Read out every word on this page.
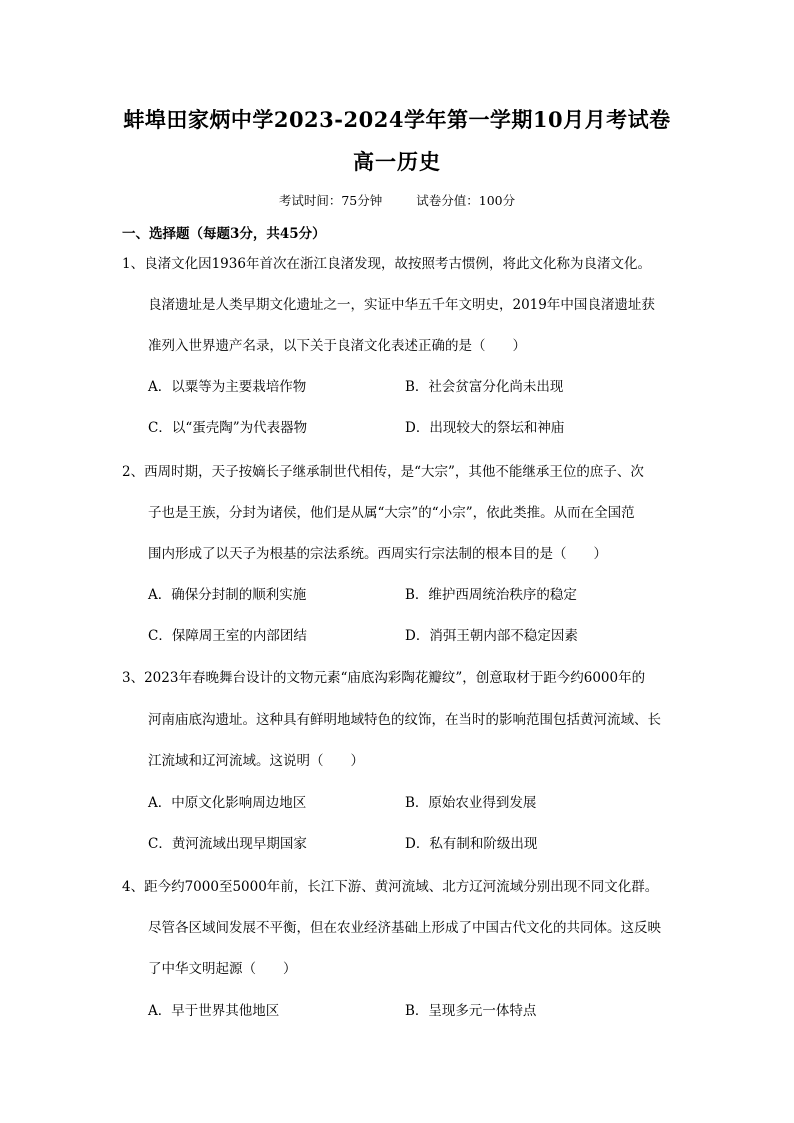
蚌埠田家炳中学2023-2024学年第一学期10月月考试卷
高一历史
考试时间：75分钟	试卷分值：100分
一、选择题（每题3分，共45分）
1、良渚文化因1936年首次在浙江良渚发现，故按照考古惯例，将此文化称为良渚文化。
良渚遗址是人类早期文化遗址之一，实证中华五千年文明史，2019年中国良渚遗址获
准列入世界遗产名录，以下关于良渚文化表述正确的是（　　）
A．以粟等为主要栽培作物	B．社会贫富分化尚未出现
C．以“蛋壳陶”为代表器物	D．出现较大的祭坛和神庙
2、西周时期，天子按嫡长子继承制世代相传，是“大宗”，其他不能继承王位的庶子、次
子也是王族，分封为诸侯，他们是从属“大宗”的“小宗”，依此类推。从而在全国范
围内形成了以天子为根基的宗法系统。西周实行宗法制的根本目的是（　　）
A．确保分封制的顺利实施	B．维护西周统治秩序的稳定
C．保障周王室的内部团结	D．消弭王朝内部不稳定因素
3、2023年春晚舞台设计的文物元素“庙底沟彩陶花瓣纹”，创意取材于距今约6000年的
河南庙底沟遗址。这种具有鲜明地域特色的纹饰，在当时的影响范围包括黄河流域、长
江流域和辽河流域。这说明（　　）
A．中原文化影响周边地区	B．原始农业得到发展
C．黄河流域出现早期国家	D．私有制和阶级出现
4、距今约7000至5000年前，长江下游、黄河流域、北方辽河流域分别出现不同文化群。
尽管各区域间发展不平衡，但在农业经济基础上形成了中国古代文化的共同体。这反映
了中华文明起源（　　）
A．早于世界其他地区	B．呈现多元一体特点
